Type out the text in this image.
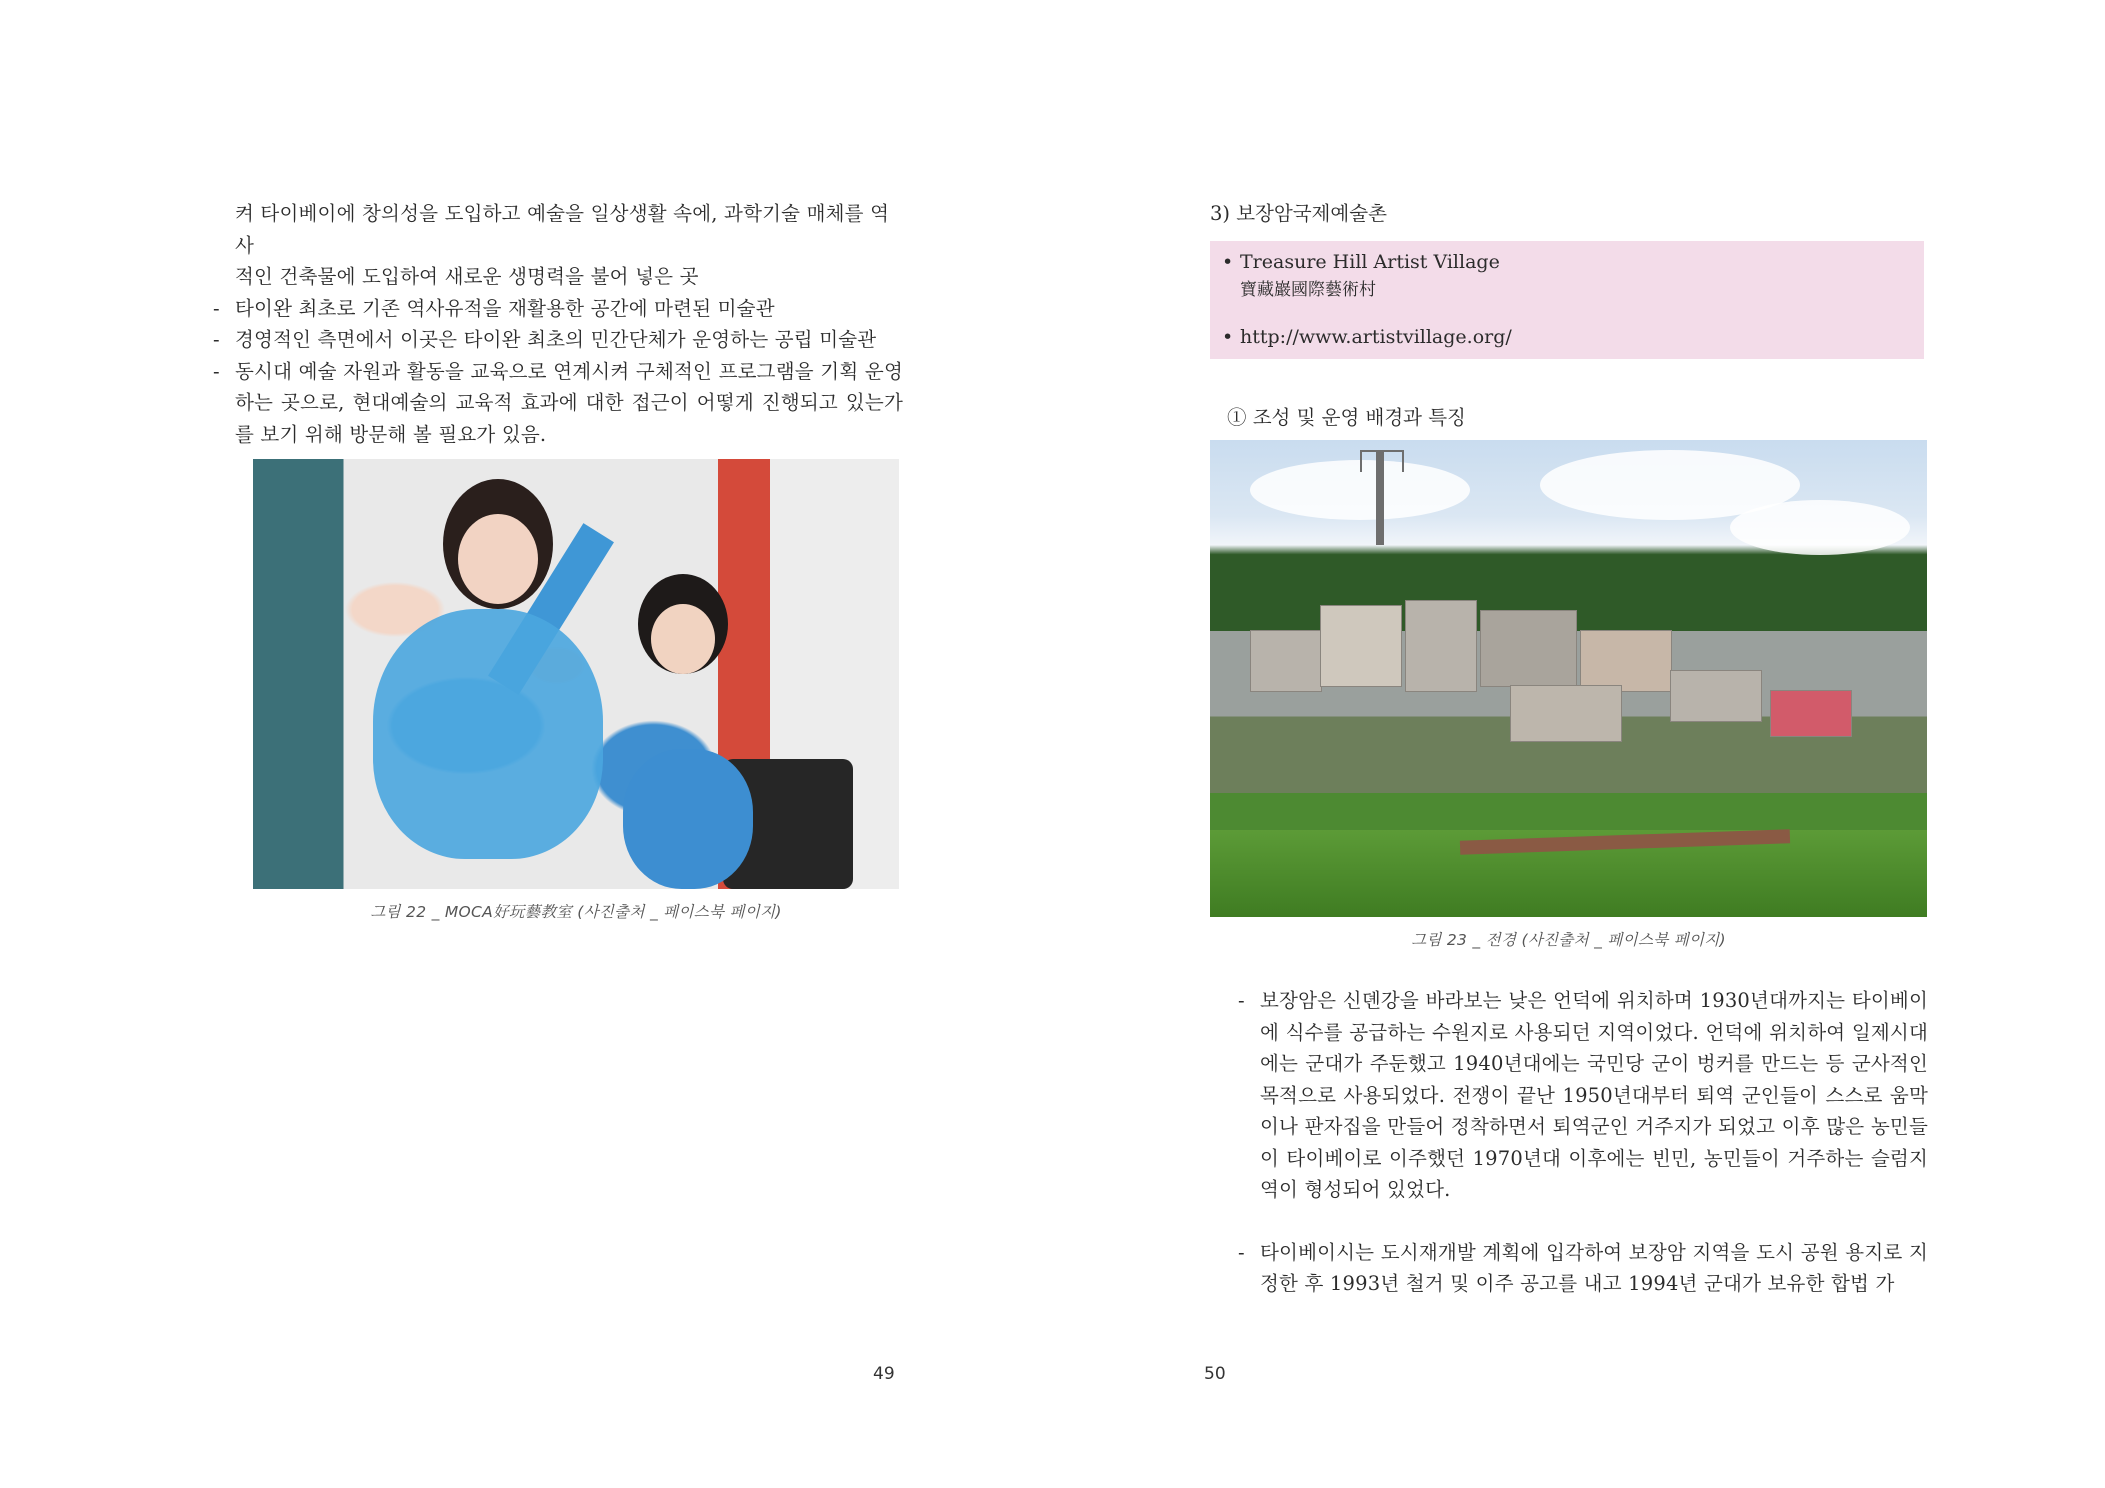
켜 타이베이에 창의성을 도입하고 예술을 일상생활 속에, 과학기술 매체를 역사
적인 건축물에 도입하여 새로운 생명력을 불어 넣은 곳
- 타이완 최초로 기존 역사유적을 재활용한 공간에 마련된 미술관
- 경영적인 측면에서 이곳은 타이완 최초의 민간단체가 운영하는 공립 미술관
- 동시대 예술 자원과 활동을 교육으로 연계시켜 구체적인 프로그램을 기획 운영하는 곳으로, 현대예술의 교육적 효과에 대한 접근이 어떻게 진행되고 있는가를 보기 위해 방문해 볼 필요가 있음.
그림 22 _ MOCA好玩藝教室 (사진출처 _ 페이스북 페이지)
49
3) 보장암국제예술촌
• Treasure Hill Artist Village
寶藏巖國際藝術村
• http://www.artistvillage.org/
① 조성 및 운영 배경과 특징
그림 23 _ 전경 (사진출처 _ 페이스북 페이지)
- 보장암은 신뎬강을 바라보는 낮은 언덕에 위치하며 1930년대까지는 타이베이에 식수를 공급하는 수원지로 사용되던 지역이었다. 언덕에 위치하여 일제시대에는 군대가 주둔했고 1940년대에는 국민당 군이 벙커를 만드는 등 군사적인 목적으로 사용되었다. 전쟁이 끝난 1950년대부터 퇴역 군인들이 스스로 움막이나 판자집을 만들어 정착하면서 퇴역군인 거주지가 되었고 이후 많은 농민들이 타이베이로 이주했던 1970년대 이후에는 빈민, 농민들이 거주하는 슬럼지역이 형성되어 있었다.
- 타이베이시는 도시재개발 계획에 입각하여 보장암 지역을 도시 공원 용지로 지정한 후 1993년 철거 및 이주 공고를 내고 1994년 군대가 보유한 합법 가
50
